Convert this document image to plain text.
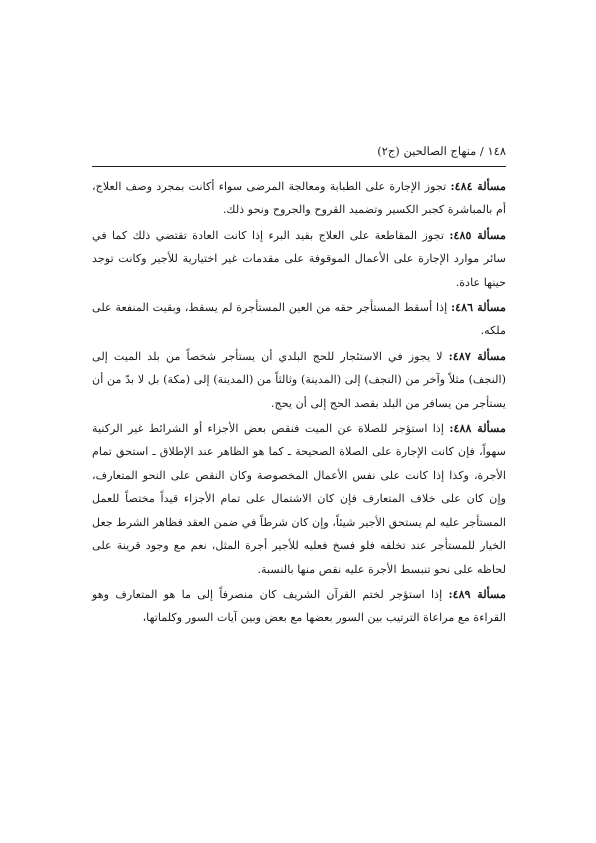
١٤٨ / منهاج الصالحين (ج٢)

مسألة ٤٨٤: تجوز الإجارة على الطبابة ومعالجة المرضى سواء أكانت بمجرد وصف العلاج، أم بالمباشرة كجبر الكسير وتضميد القروح والجروح ونحو ذلك.

مسألة ٤٨٥: تجوز المقاطعة على العلاج بقيد البرء إذا كانت العادة تقتضي ذلك كما في سائر موارد الإجارة على الأعمال الموقوفة على مقدمات غير اختيارية للأجير وكانت توجد حينها عادة.

مسألة ٤٨٦: إذا أسقط المستأجر حقه من العين المستأجرة لم يسقط، وبقيت المنفعة على ملكه.

مسألة ٤٨٧: لا يجوز في الاستئجار للحج البلدي أن يستأجر شخصاً من بلد الميت إلى (النجف) مثلاً وآخر من (النجف) إلى (المدينة) وثالثاً من (المدينة) إلى (مكة) بل لا بدّ من أن يستأجر من يسافر من البلد بقصد الحج إلى أن يحج.

مسألة ٤٨٨: إذا استؤجر للصلاة عن الميت فنقص بعض الأجزاء أو الشرائط غير الركنية سهواً، فإن كانت الإجارة على الصلاة الصحيحة ـ كما هو الظاهر عند الإطلاق ـ استحق تمام الأجرة، وكذا إذا كانت على نفس الأعمال المخصوصة وكان النقص على النحو المتعارف، وإن كان على خلاف المتعارف فإن كان الاشتمال على تمام الأجزاء قيداً مختصاً للعمل المستأجر عليه لم يستحق الأجير شيئاً، وإن كان شرطاً في ضمن العقد فظاهر الشرط جعل الخيار للمستأجر عند تخلفه فلو فسخ فعليه للأجير أجرة المثل، نعم مع وجود قرينة على لحاظه على نحو تنبسط الأجرة عليه نقص منها بالنسبة.

مسألة ٤٨٩: إذا استؤجر لختم القرآن الشريف كان منصرفاً إلى ما هو المتعارف وهو القراءة مع مراعاة الترتيب بين السور بعضها مع بعض وبين آيات السور وكلماتها،
